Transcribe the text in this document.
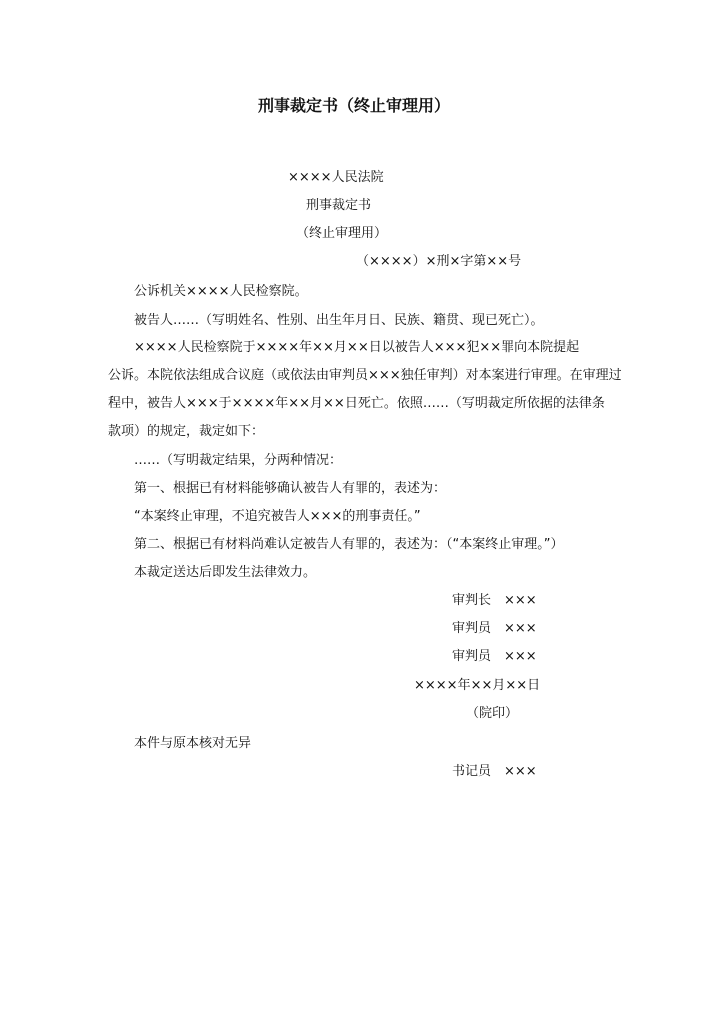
刑事裁定书（终止审理用）
××××人民法院
刑事裁定书
（终止审理用）
（××××）×刑×字第××号
公诉机关××××人民检察院。
被告人……（写明姓名、性别、出生年月日、民族、籍贯、现已死亡）。
××××人民检察院于××××年××月××日以被告人×××犯××罪向本院提起
公诉。本院依法组成合议庭（或依法由审判员×××独任审判）对本案进行审理。在审理过
程中，被告人×××于××××年××月××日死亡。依照……（写明裁定所依据的法律条
款项）的规定，裁定如下：
……（写明裁定结果，分两种情况：
第一、根据已有材料能够确认被告人有罪的，表述为：
“本案终止审理，不追究被告人×××的刑事责任。”
第二、根据已有材料尚难认定被告人有罪的，表述为：（“本案终止审理。”）
本裁定送达后即发生法律效力。
审判长　×××
审判员　×××
审判员　×××
××××年××月××日
（院印）
本件与原本核对无异
书记员　×××
